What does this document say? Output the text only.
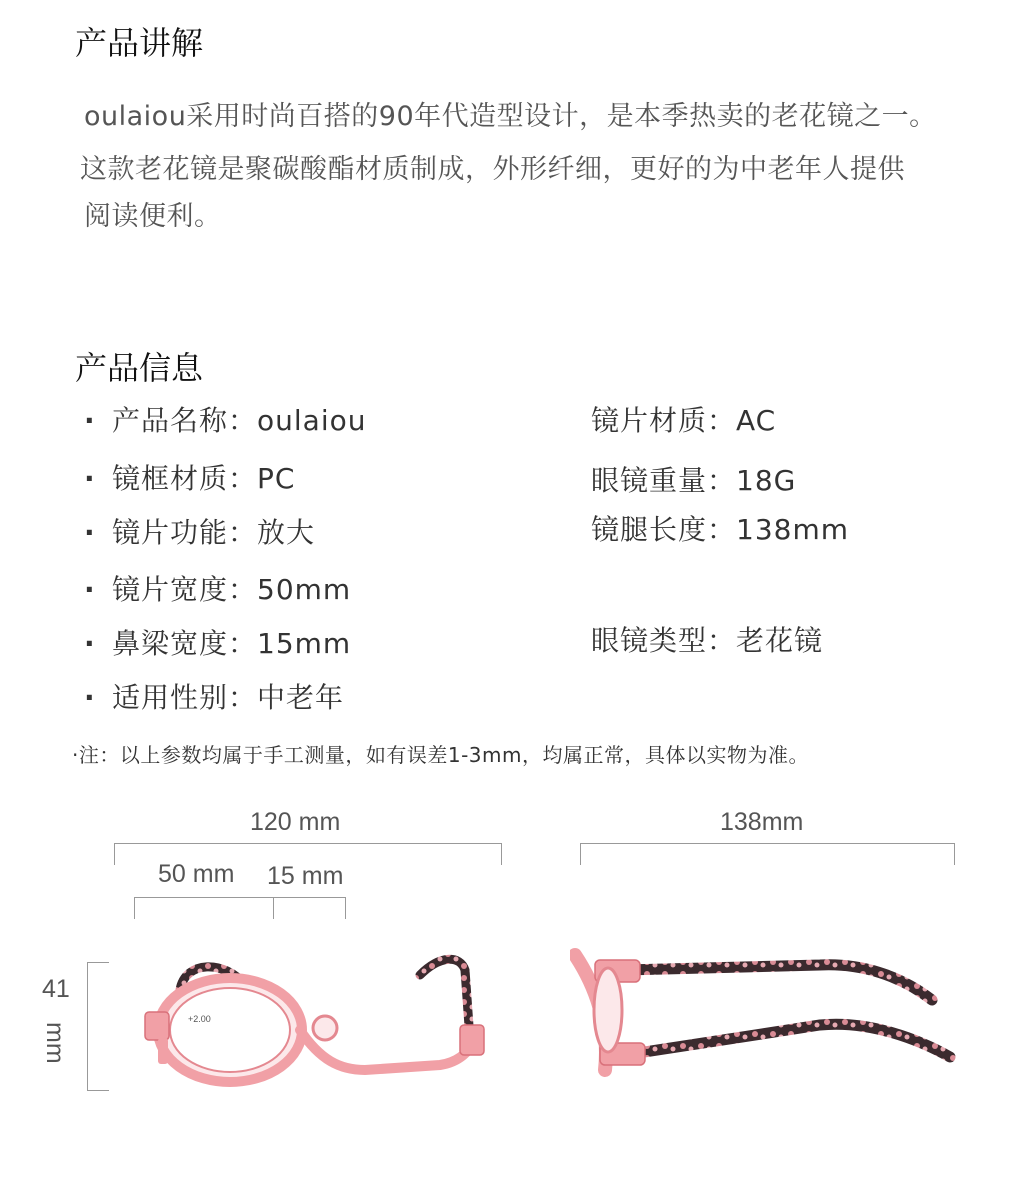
产品讲解
oulaiou采用时尚百搭的90年代造型设计，是本季热卖的老花镜之一。
这款老花镜是聚碳酸酯材质制成，外形纤细，更好的为中老年人提供
阅读便利。
产品信息
· 产品名称：oulaiou
· 镜框材质：PC
· 镜片功能：放大
· 镜片宽度：50mm
· 鼻梁宽度：15mm
· 适用性别：中老年
镜片材质：AC
眼镜重量：18G
镜腿长度：138mm
眼镜类型：老花镜
·注：以上参数均属于手工测量，如有误差1-3mm，均属正常，具体以实物为准。
120 mm
50 mm 15 mm
138mm
41
mm
+2.00
